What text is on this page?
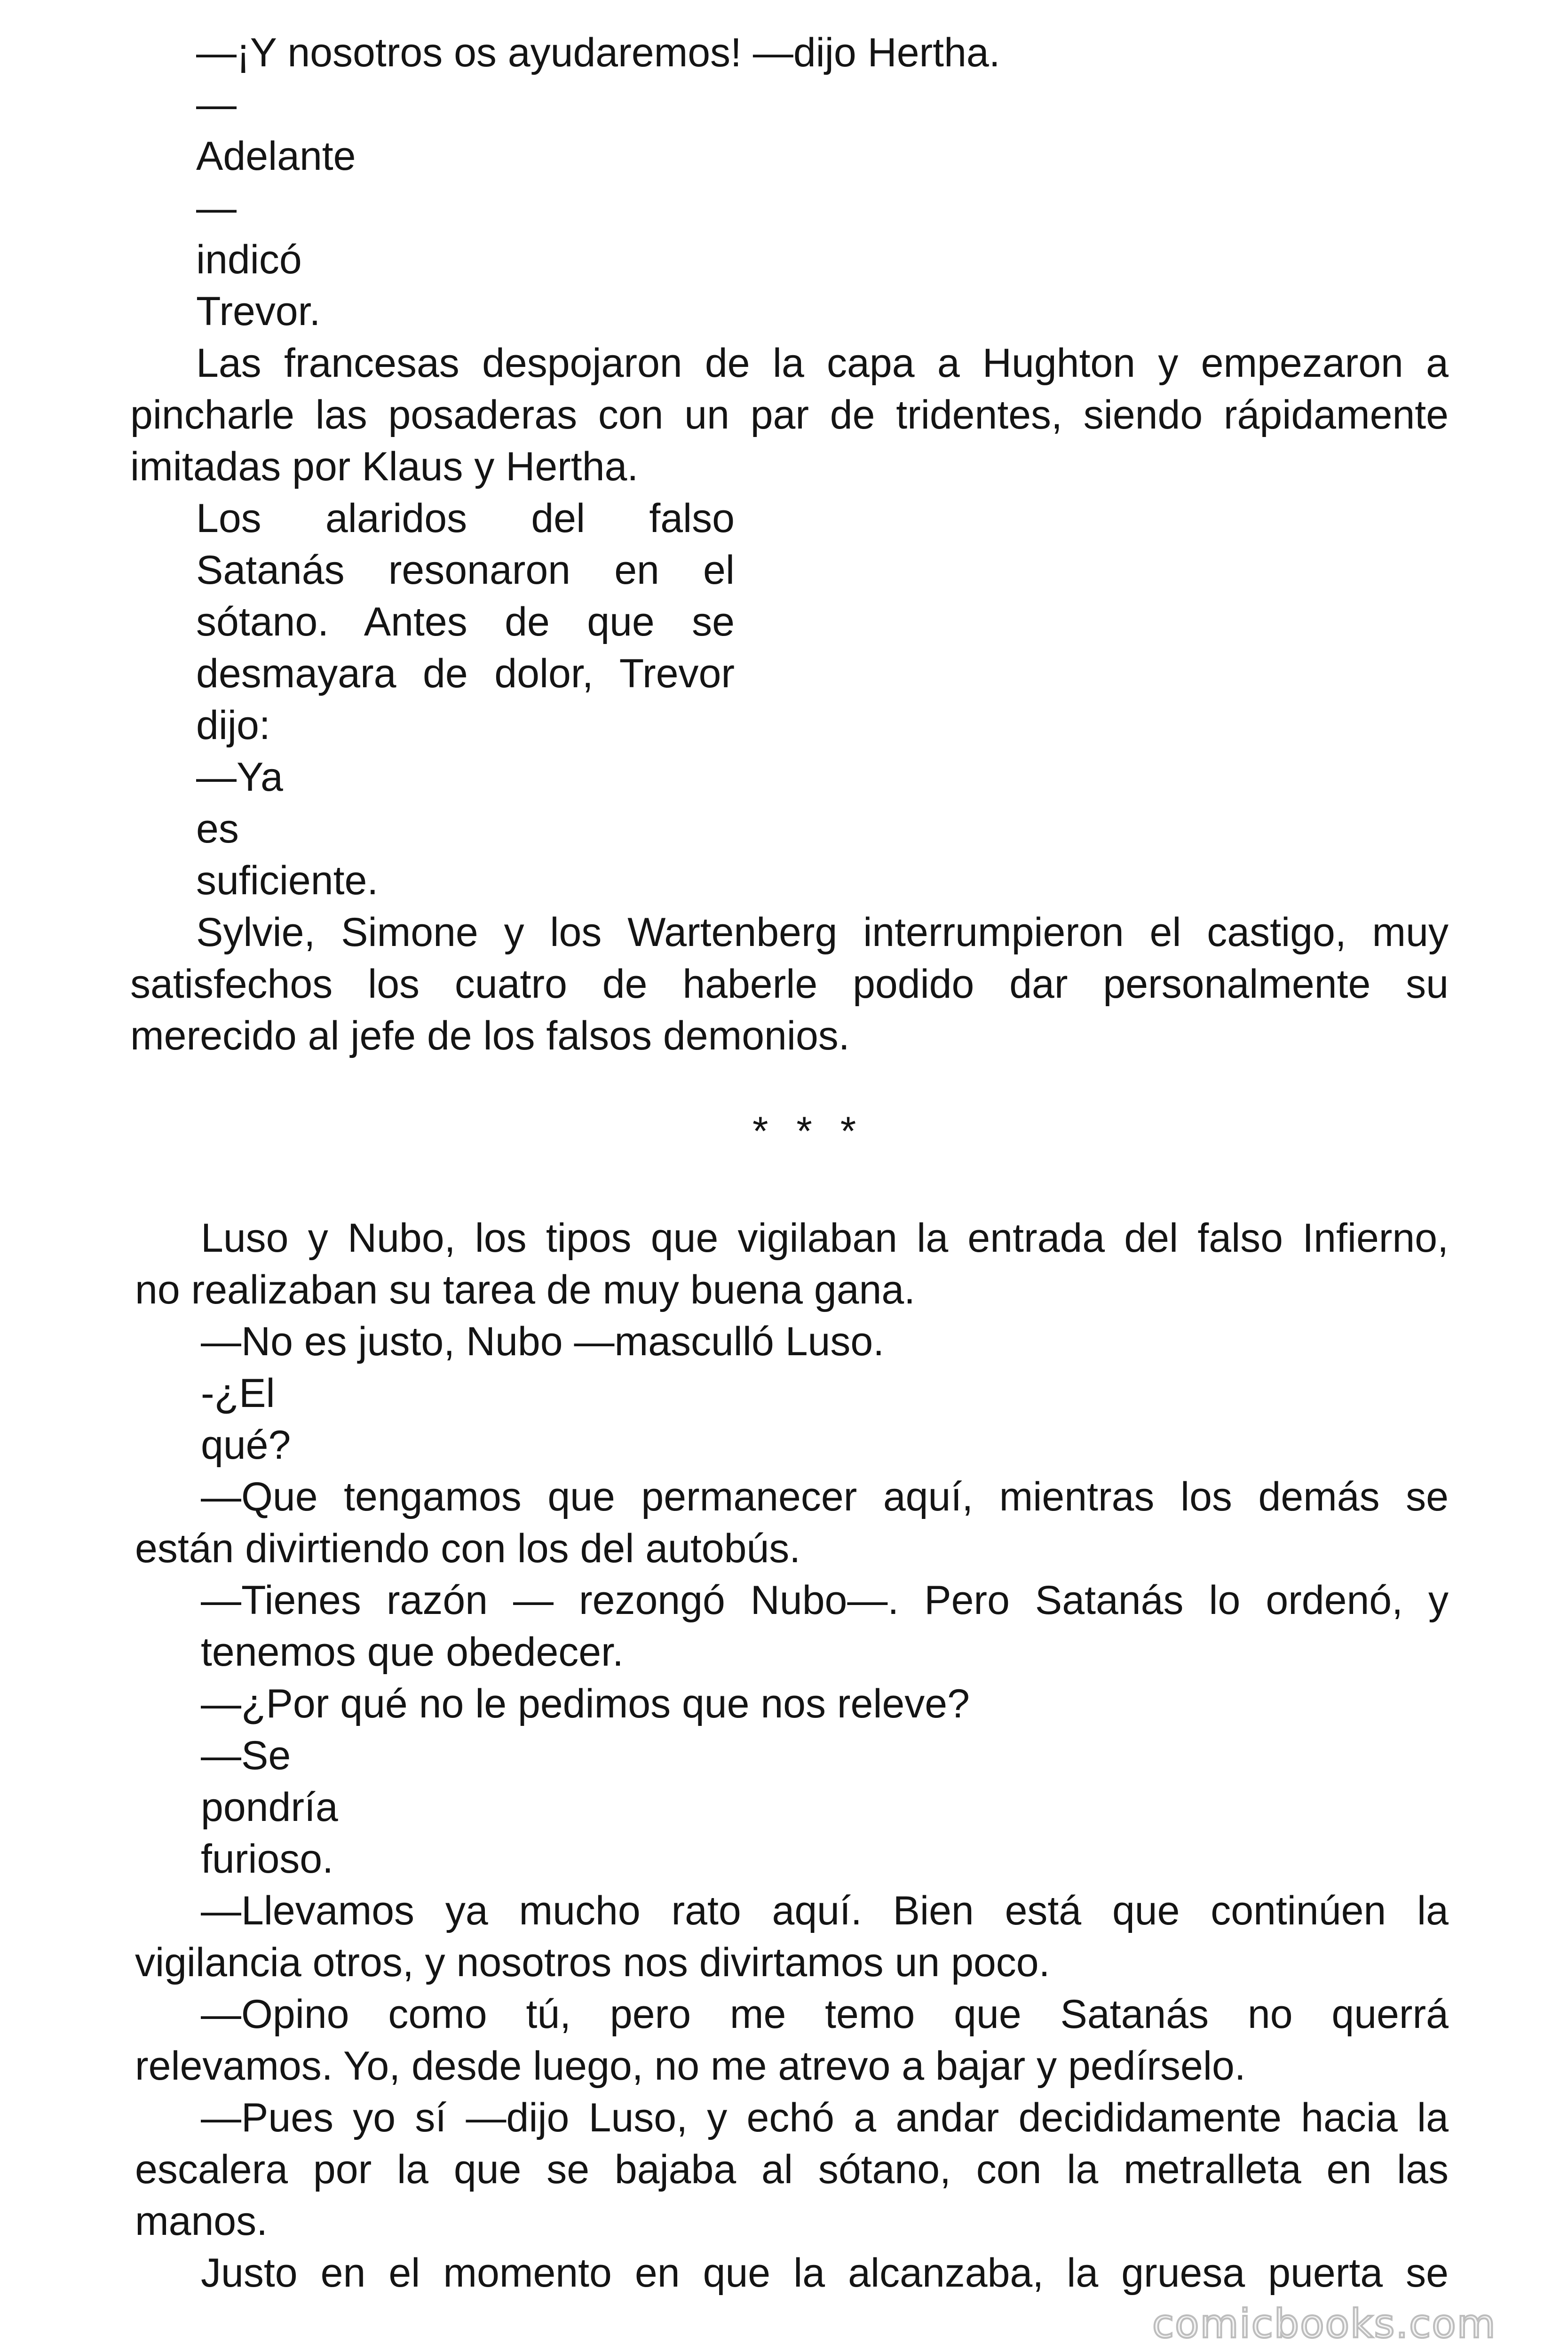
—¡Y nosotros os ayudaremos! —dijo Hertha.
—
Adelante
—
indicó
Trevor.
Las francesas despojaron de la capa a Hughton y empezaron a
pincharle las posaderas con un par de tridentes, siendo rápidamente
imitadas por Klaus y Hertha.
Los alaridos del falso
Satanás resonaron en el
sótano. Antes de que se
desmayara de dolor, Trevor
dijo:
—Ya
es
suficiente.
Sylvie, Simone y los Wartenberg interrumpieron el castigo, muy
satisfechos los cuatro de haberle podido dar personalmente su
merecido al jefe de los falsos demonios.
* * *
Luso y Nubo, los tipos que vigilaban la entrada del falso Infierno,
no realizaban su tarea de muy buena gana.
—No es justo, Nubo —masculló Luso.
-¿El
qué?
—Que tengamos que permanecer aquí, mientras los demás se
están divirtiendo con los del autobús.
—Tienes razón — rezongó Nubo—. Pero Satanás lo ordenó, y
tenemos que obedecer.
—¿Por qué no le pedimos que nos releve?
—Se
pondría
furioso.
—Llevamos ya mucho rato aquí. Bien está que continúen la
vigilancia otros, y nosotros nos divirtamos un poco.
—Opino como tú, pero me temo que Satanás no querrá
relevamos. Yo, desde luego, no me atrevo a bajar y pedírselo.
—Pues yo sí —dijo Luso, y echó a andar decididamente hacia la
escalera por la que se bajaba al sótano, con la metralleta en las
manos.
Justo en el momento en que la alcanzaba, la gruesa puerta se
comicbooks.com
